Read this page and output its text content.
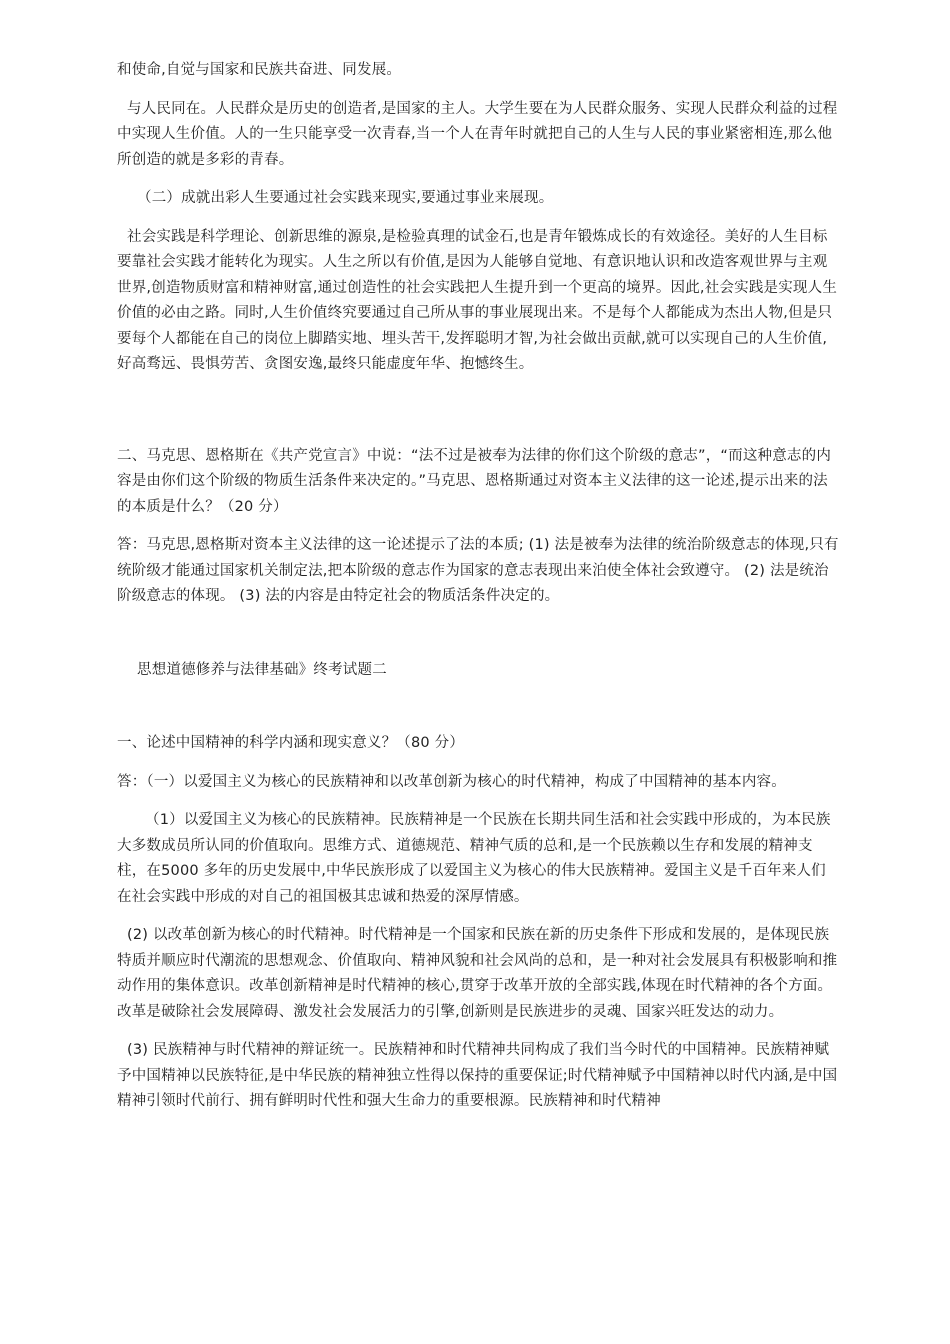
和使命,自觉与国家和民族共奋进、同发展。

与人民同在。人民群众是历史的创造者,是国家的主人。大学生要在为人民群众服务、实现人民群众利益的过程中实现人生价值。人的一生只能享受一次青春,当一个人在青年时就把自己的人生与人民的事业紧密相连,那么他所创造的就是多彩的青春。

（二）成就出彩人生要通过社会实践来现实,要通过事业来展现。

社会实践是科学理论、创新思维的源泉,是检验真理的试金石,也是青年锻炼成长的有效途径。美好的人生目标要靠社会实践才能转化为现实。人生之所以有价值,是因为人能够自觉地、有意识地认识和改造客观世界与主观世界,创造物质财富和精神财富,通过创造性的社会实践把人生提升到一个更高的境界。因此,社会实践是实现人生价值的必由之路。同时,人生价值终究要通过自己所从事的事业展现出来。不是每个人都能成为杰出人物,但是只要每个人都能在自己的岗位上脚踏实地、埋头苦干,发挥聪明才智,为社会做出贡献,就可以实现自己的人生价值,好高骛远、畏惧劳苦、贪图安逸,最终只能虚度年华、抱憾终生。

二、马克思、恩格斯在《共产党宣言》中说：“法不过是被奉为法律的你们这个阶级的意志”，“而这种意志的内容是由你们这个阶级的物质生活条件来决定的。”马克思、恩格斯通过对资本主义法律的这一论述,提示出来的法的本质是什么？（20 分）

答：马克思,恩格斯对资本主义法律的这一论述提示了法的本质; (1) 法是被奉为法律的统治阶级意志的体现,只有统阶级才能通过国家机关制定法,把本阶级的意志作为国家的意志表现出来泊使全体社会致遵守。 (2) 法是统治阶级意志的体现。 (3) 法的内容是由特定社会的物质活条件决定的。

思想道德修养与法律基础》终考试题二

一、论述中国精神的科学内涵和现实意义？（80 分）

答：（一）以爱国主义为核心的民族精神和以改革创新为核心的时代精神，构成了中国精神的基本内容。

（1）以爱国主义为核心的民族精神。民族精神是一个民族在长期共同生活和社会实践中形成的，为本民族大多数成员所认同的价值取向。思维方式、道德规范、精神气质的总和,是一个民族赖以生存和发展的精神支柱，在5000 多年的历史发展中,中华民族形成了以爱国主义为核心的伟大民族精神。爱国主义是千百年来人们在社会实践中形成的对自己的祖国极其忠诚和热爱的深厚情感。

(2) 以改革创新为核心的时代精神。时代精神是一个国家和民族在新的历史条件下形成和发展的，是体现民族特质并顺应时代潮流的思想观念、价值取向、精神风貌和社会风尚的总和，是一种对社会发展具有积极影响和推动作用的集体意识。改革创新精神是时代精神的核心,贯穿于改革开放的全部实践,体现在时代精神的各个方面。改革是破除社会发展障碍、激发社会发展活力的引擎,创新则是民族进步的灵魂、国家兴旺发达的动力。

(3) 民族精神与时代精神的辩证统一。民族精神和时代精神共同构成了我们当今时代的中国精神。民族精神赋予中国精神以民族特征,是中华民族的精神独立性得以保持的重要保证;时代精神赋予中国精神以时代内涵,是中国精神引领时代前行、拥有鲜明时代性和强大生命力的重要根源。民族精神和时代精神
